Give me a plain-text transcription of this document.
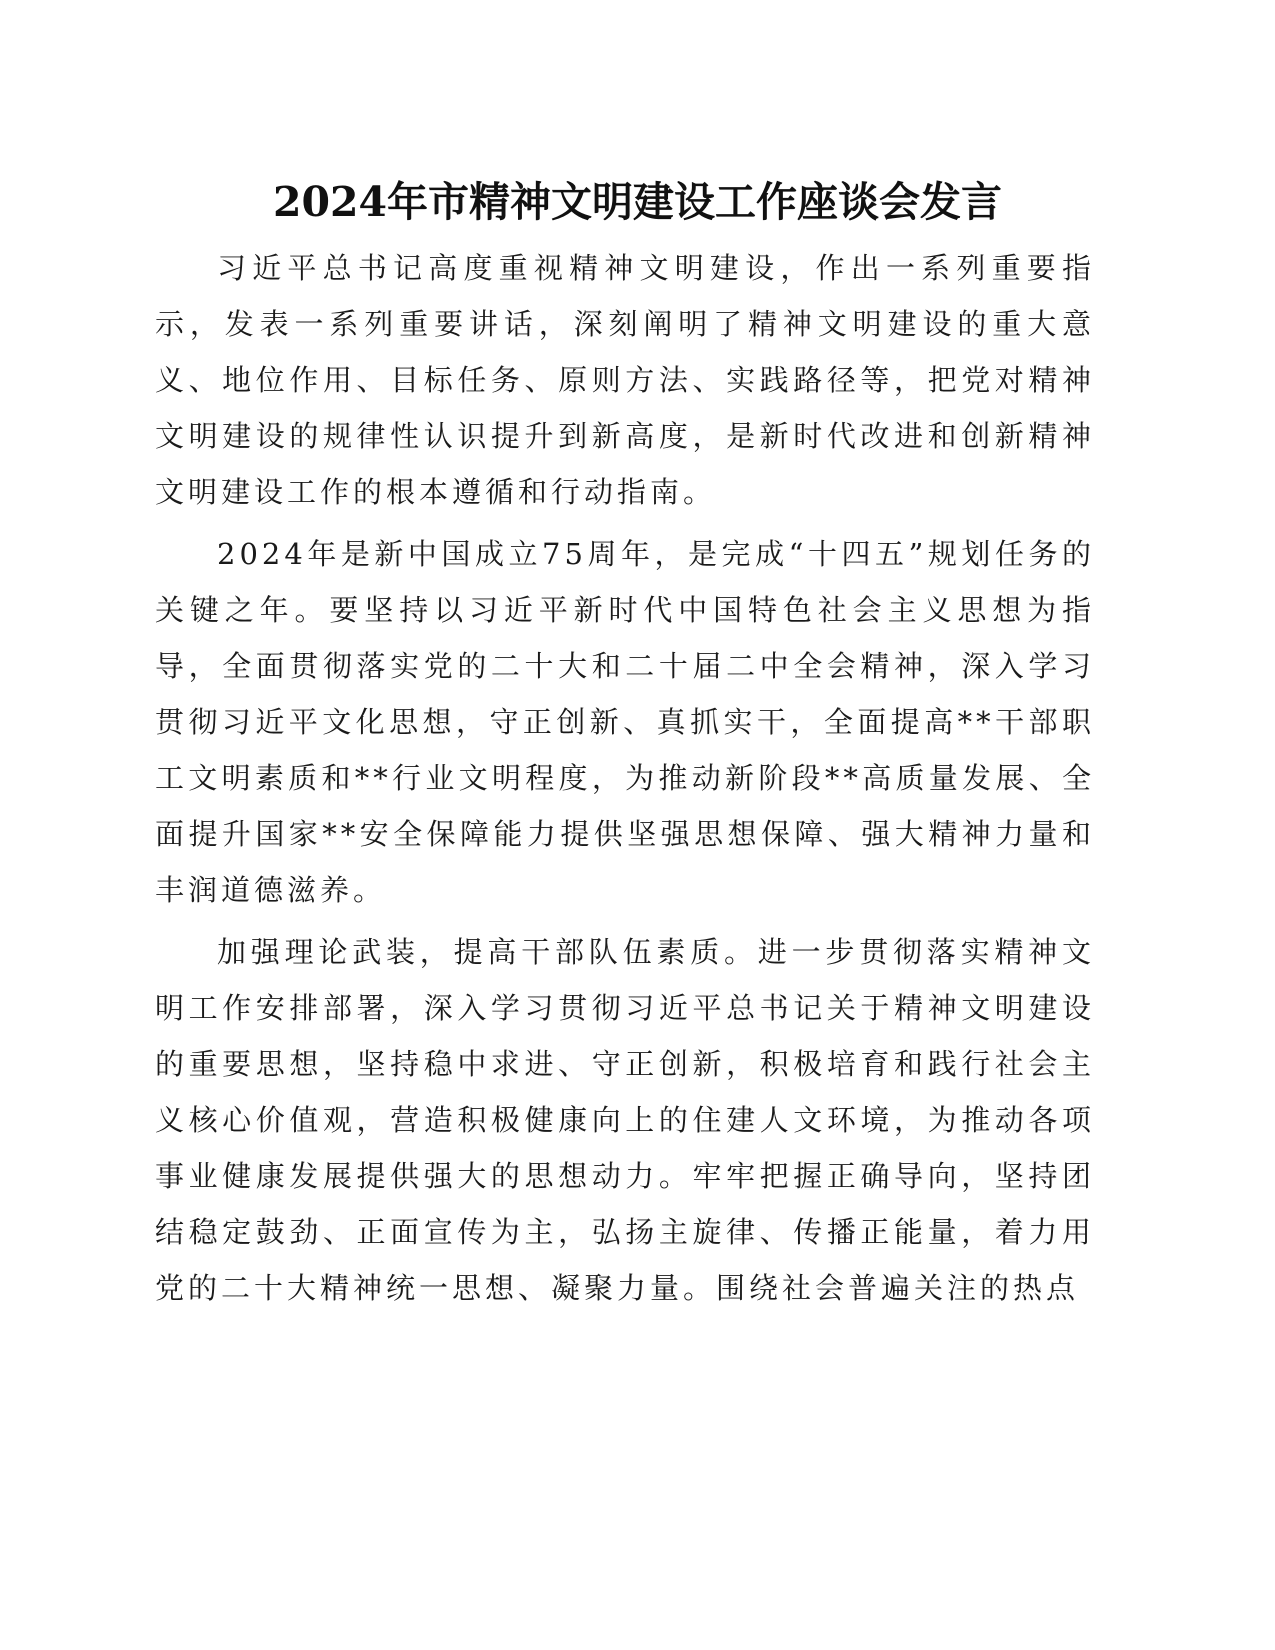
2024年市精神文明建设工作座谈会发言

习近平总书记高度重视精神文明建设，作出一系列重要指示，发表一系列重要讲话，深刻阐明了精神文明建设的重大意义、地位作用、目标任务、原则方法、实践路径等，把党对精神文明建设的规律性认识提升到新高度，是新时代改进和创新精神文明建设工作的根本遵循和行动指南。

2024年是新中国成立75周年，是完成“十四五”规划任务的关键之年。要坚持以习近平新时代中国特色社会主义思想为指导，全面贯彻落实党的二十大和二十届二中全会精神，深入学习贯彻习近平文化思想，守正创新、真抓实干，全面提高**干部职工文明素质和**行业文明程度，为推动新阶段**高质量发展、全面提升国家**安全保障能力提供坚强思想保障、强大精神力量和丰润道德滋养。

加强理论武装，提高干部队伍素质。进一步贯彻落实精神文明工作安排部署，深入学习贯彻习近平总书记关于精神文明建设的重要思想，坚持稳中求进、守正创新，积极培育和践行社会主义核心价值观，营造积极健康向上的住建人文环境，为推动各项事业健康发展提供强大的思想动力。牢牢把握正确导向，坚持团结稳定鼓劲、正面宣传为主，弘扬主旋律、传播正能量，着力用党的二十大精神统一思想、凝聚力量。围绕社会普遍关注的热点
